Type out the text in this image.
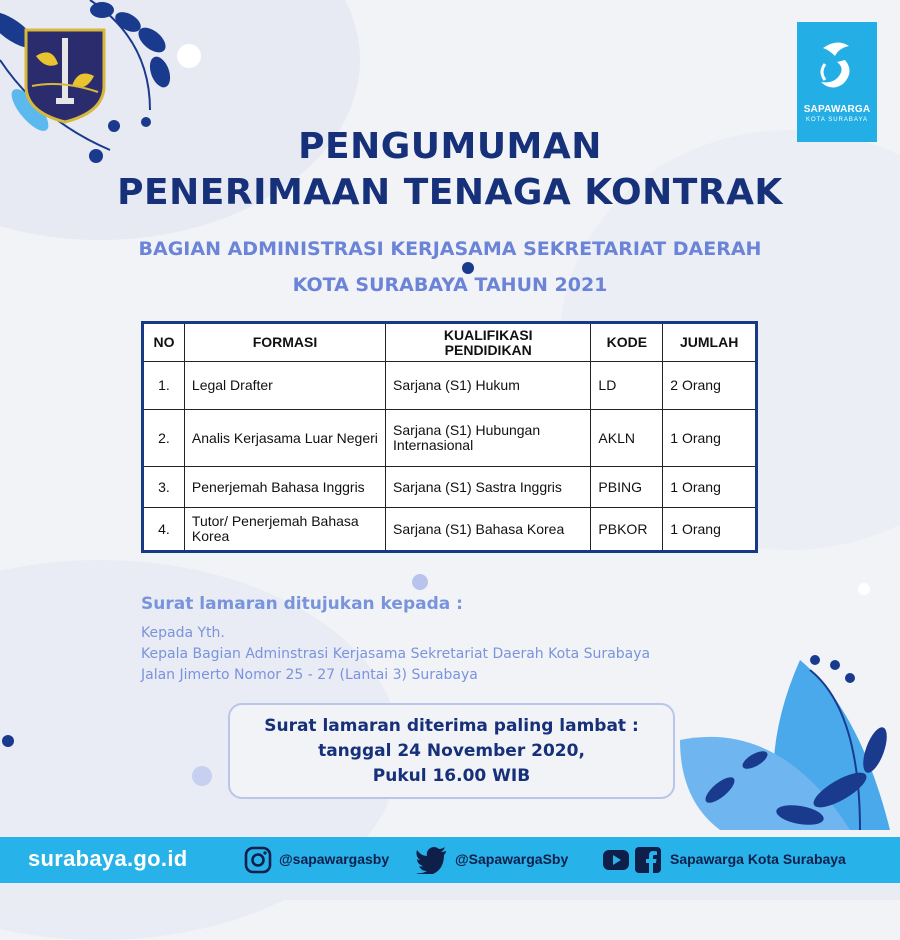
SAPAWARGA
KOTA SURABAYA
PENGUMUMAN
PENERIMAAN TENAGA KONTRAK
BAGIAN ADMINISTRASI KERJASAMA SEKRETARIAT DAERAH
KOTA SURABAYA TAHUN 2021
NO	FORMASI	KUALIFIKASI PENDIDIKAN	KODE	JUMLAH
1.	Legal Drafter	Sarjana (S1) Hukum	LD	2 Orang
2.	Analis Kerjasama Luar Negeri	Sarjana (S1) Hubungan Internasional	AKLN	1 Orang
3.	Penerjemah Bahasa Inggris	Sarjana (S1) Sastra Inggris	PBING	1 Orang
4.	Tutor/ Penerjemah Bahasa Korea	Sarjana (S1) Bahasa Korea	PBKOR	1 Orang
Surat lamaran ditujukan kepada :
Kepada Yth.
Kepala Bagian Adminstrasi Kerjasama Sekretariat Daerah Kota Surabaya
Jalan Jimerto Nomor 25 - 27 (Lantai 3) Surabaya
Surat lamaran diterima paling lambat :
tanggal 24 November 2020,
Pukul 16.00 WIB
surabaya.go.id	@sapawargasby	@SapawargaSby	Sapawarga Kota Surabaya
